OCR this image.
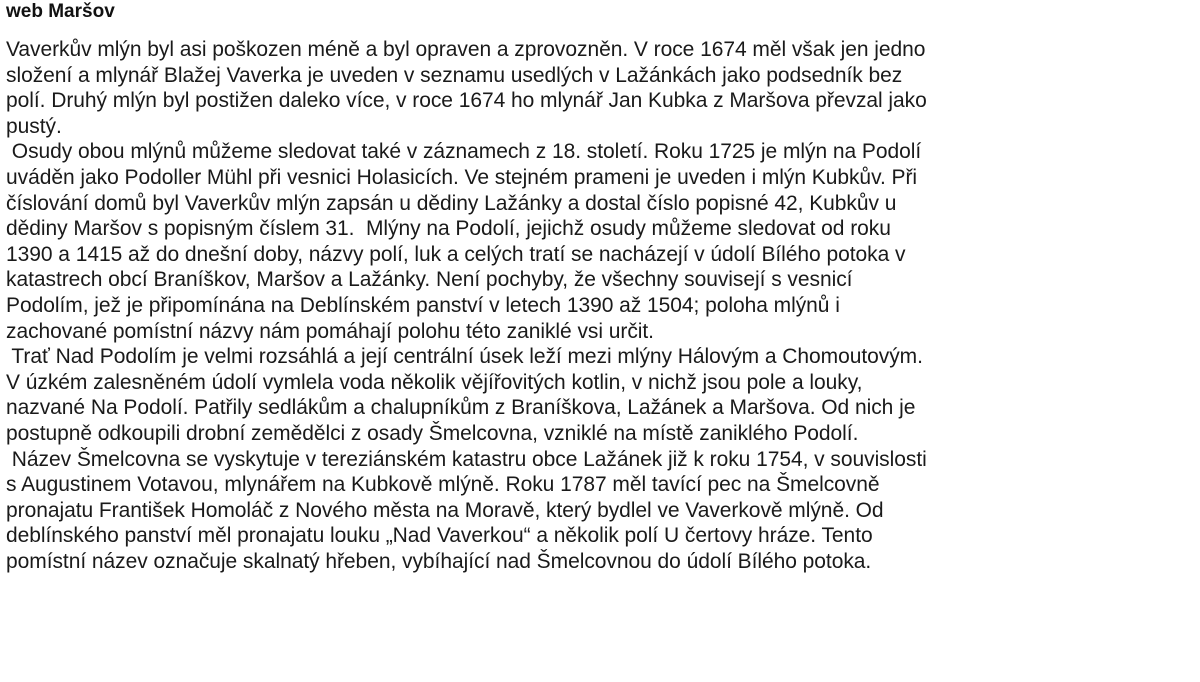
web Maršov
Vaverkův mlýn byl asi poškozen méně a byl opraven a zprovozněn. V roce 1674 měl však jen jedno
složení a mlynář Blažej Vaverka je uveden v seznamu usedlých v Lažánkách jako podsedník bez
polí. Druhý mlýn byl postižen daleko více, v roce 1674 ho mlynář Jan Kubka z Maršova převzal jako
pustý.
Osudy obou mlýnů můžeme sledovat také v záznamech z 18. století. Roku 1725 je mlýn na Podolí
uváděn jako Podoller Mühl při vesnici Holasicích. Ve stejném prameni je uveden i mlýn Kubkův. Při
číslování domů byl Vaverkův mlýn zapsán u dědiny Lažánky a dostal číslo popisné 42, Kubkův u
dědiny Maršov s popisným číslem 31.  Mlýny na Podolí, jejichž osudy můžeme sledovat od roku
1390 a 1415 až do dnešní doby, názvy polí, luk a celých tratí se nacházejí v údolí Bílého potoka v
katastrech obcí Braníškov, Maršov a Lažánky. Není pochyby, že všechny souvisejí s vesnicí
Podolím, jež je připomínána na Deblínském panství v letech 1390 až 1504; poloha mlýnů i
zachované pomístní názvy nám pomáhají polohu této zaniklé vsi určit.
Trať Nad Podolím je velmi rozsáhlá a její centrální úsek leží mezi mlýny Hálovým a Chomoutovým.
V úzkém zalesněném údolí vymlela voda několik vějířovitých kotlin, v nichž jsou pole a louky,
nazvané Na Podolí. Patřily sedlákům a chalupníkům z Braníškova, Lažánek a Maršova. Od nich je
postupně odkoupili drobní zemědělci z osady Šmelcovna, vzniklé na místě zaniklého Podolí.
Název Šmelcovna se vyskytuje v tereziánském katastru obce Lažánek již k roku 1754, v souvislosti
s Augustinem Votavou, mlynářem na Kubkově mlýně. Roku 1787 měl tavící pec na Šmelcovně
pronajatu František Homoláč z Nového města na Moravě, který bydlel ve Vaverkově mlýně. Od
deblínského panství měl pronajatu louku „Nad Vaverkou“ a několik polí U čertovy hráze. Tento
pomístní název označuje skalnatý hřeben, vybíhající nad Šmelcovnou do údolí Bílého potoka.
